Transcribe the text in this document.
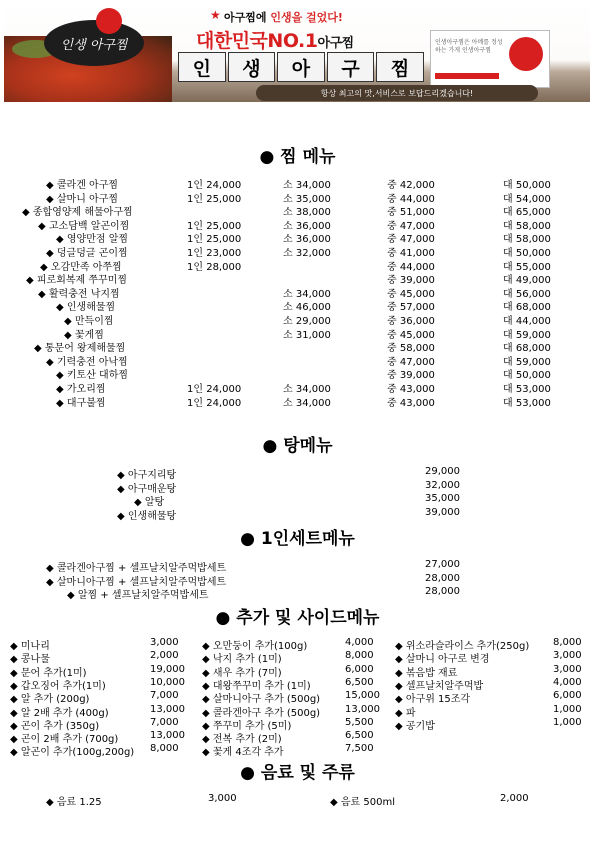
인생 아구찜
★ 아구찜에 인생을 걸었다!
대한민국NO.1아구찜
인	생	아	구	찜
인생아구찜은 아메를 정성하는 가게 인생아구찜
항상 최고의 맛,서비스로 보답드리겠습니다!
● 찜 메뉴
● 탕메뉴
● 1인세트메뉴
● 추가 및 사이드메뉴
● 음료 및 주류
◆ 콜라겐 아구찜	1인 24,000	소 34,000	중 42,000	대 50,000
◆ 살마니 아구찜	1인 25,000	소 35,000	중 44,000	대 54,000
◆ 종합영양제 해물아구찜	소 38,000	중 51,000	대 65,000
◆ 고소담백 알곤이찜	1인 25,000	소 36,000	중 47,000	대 58,000
◆ 영양만점 알찜	1인 25,000	소 36,000	중 47,000	대 58,000
◆ 덩글덩글 곤이찜	1인 23,000	소 32,000	중 41,000	대 50,000
◆ 오감만족 아쭈찜	1인 28,000	중 44,000	대 55,000
◆ 피로회복제 쭈꾸미찜	중 39,000	대 49,000
◆ 활력충전 낙지찜	소 34,000	중 45,000	대 56,000
◆ 인생해물찜	소 46,000	중 57,000	대 68,000
◆ 만득이찜	소 29,000	중 36,000	대 44,000
◆ 꽃게찜	소 31,000	중 45,000	대 59,000
◆ 통문어 왕제해물찜	중 58,000	대 68,000
◆ 기력충전 아낙찜	중 47,000	대 59,000
◆ 키토산 대하찜	중 39,000	대 50,000
◆ 가오리찜	1인 24,000	소 34,000	중 43,000	대 53,000
◆ 대구불찜	1인 24,000	소 34,000	중 43,000	대 53,000
◆ 아구지리탕	29,000
◆ 아구매운탕	32,000
◆ 알탕	35,000
◆ 인생해물탕	39,000
◆ 콜라겐아구찜 + 셀프날치알주먹밥세트	27,000
◆ 살마니아구찜 + 셀프날치알주먹밥세트	28,000
◆ 알찜 + 셀프날치알주먹밥세트	28,000
◆ 미나리	3,000
◆ 콩나물	2,000
◆ 문어 추가(1미)	19,000
◆ 갑오징어 추가(1미)	10,000
◆ 알 추가 (200g)	7,000
◆ 알 2배 추가 (400g)	13,000
◆ 곤이 추가 (350g)	7,000
◆ 곤이 2배 추가 (700g)	13,000
◆ 알곤이 추가(100g,200g) 8,000
◆ 오만둥이 추가(100g)	4,000
◆ 낙지 추가 (1미)	8,000
◆ 새우 추가 (7미)	6,000
◆ 대왕쭈꾸미 추가 (1미)	6,500
◆ 살마니아구 추가 (500g) 15,000
◆ 콜라겐아구 추가 (500g) 13,000
◆ 쭈꾸미 추가 (5미)	5,500
◆ 전복 추가 (2미)	6,500
◆ 꽃게 4조각 추가	7,500
◆ 위소라슬라이스 추가(250g) 8,000
◆ 살마니 아구로 변경	3,000
◆ 볶음밥 재료	3,000
◆ 셀프날치알주먹밥	4,000
◆ 아구위 15조각	6,000
◆ 파	1,000
◆ 공기밥	1,000
◆ 음료 1.25	3,000	◆ 음료 500ml	2,000
